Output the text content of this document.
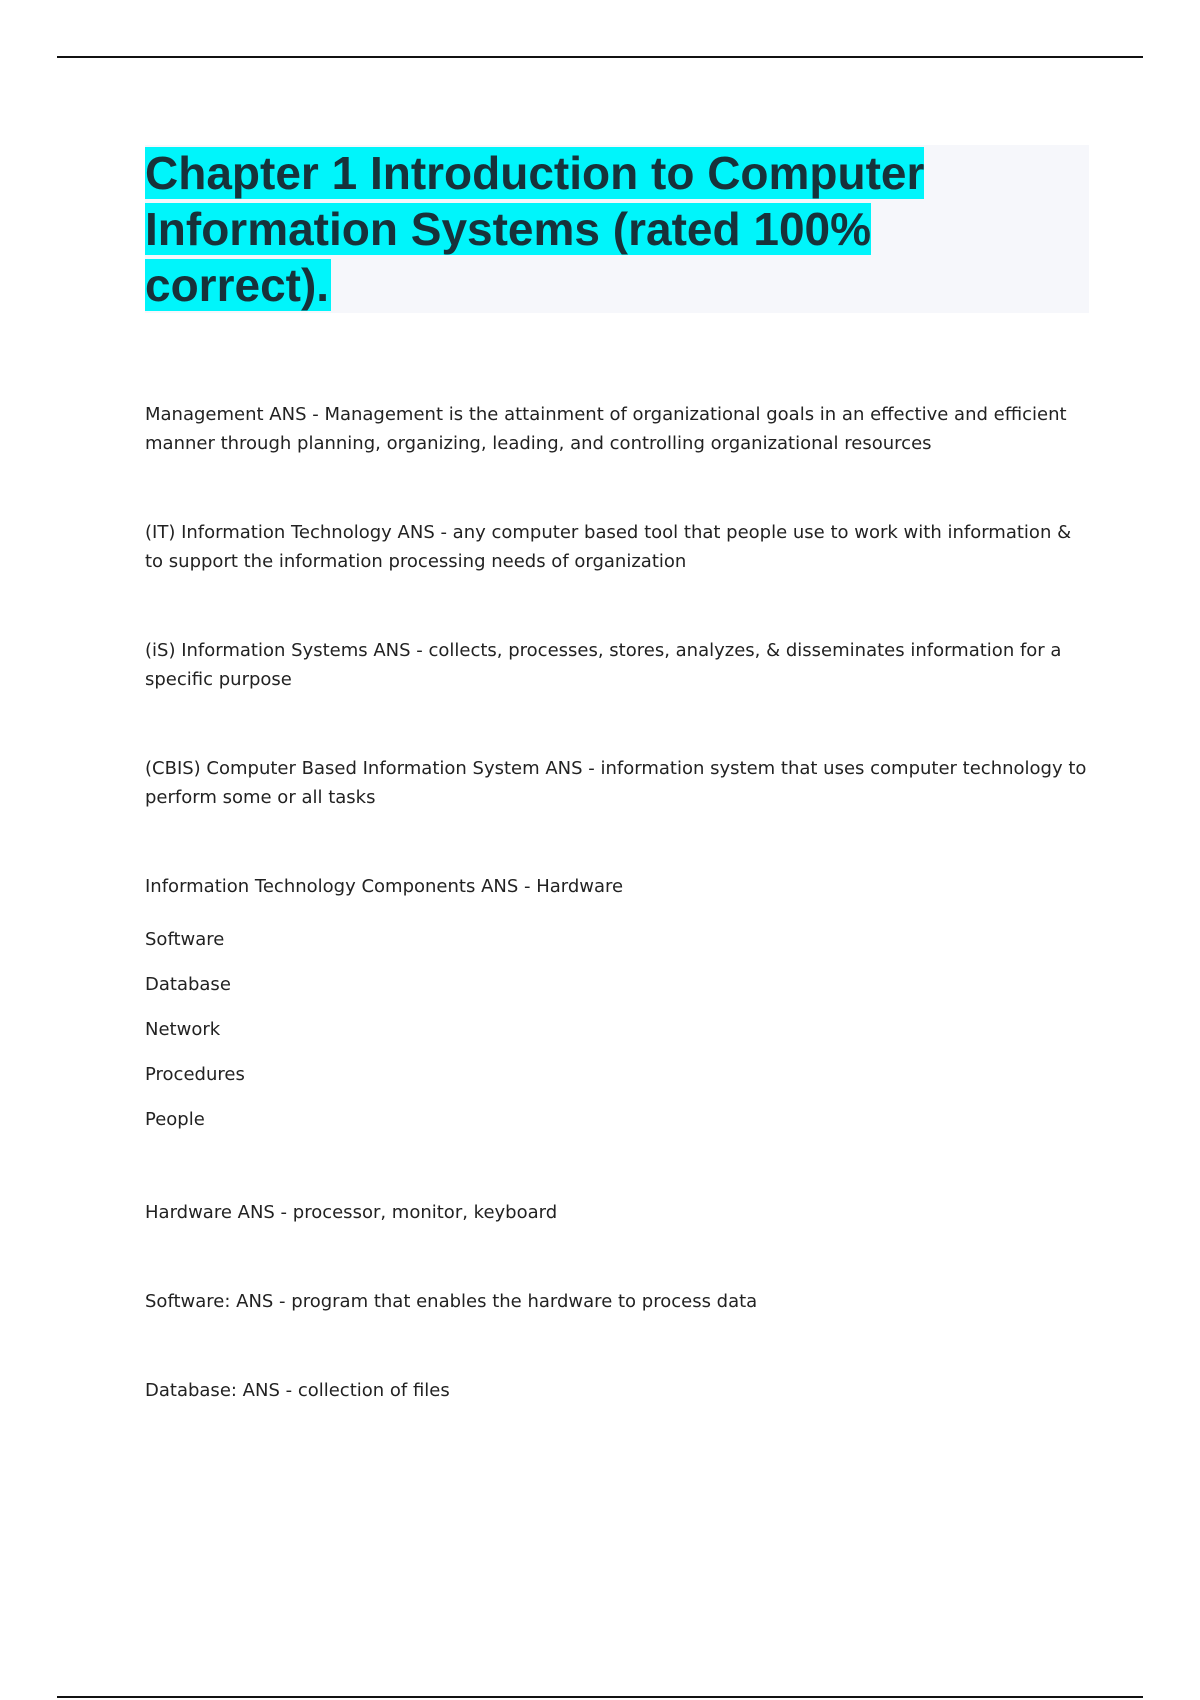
Chapter 1 Introduction to Computer Information Systems (rated 100% correct).

Management ANS - Management is the attainment of organizational goals in an effective and efficient manner through planning, organizing, leading, and controlling organizational resources

(IT) Information Technology ANS - any computer based tool that people use to work with information & to support the information processing needs of organization

(iS) Information Systems ANS - collects, processes, stores, analyzes, & disseminates information for a specific purpose

(CBIS) Computer Based Information System ANS - information system that uses computer technology to perform some or all tasks

Information Technology Components ANS - Hardware

Software

Database

Network

Procedures

People

Hardware ANS - processor, monitor, keyboard

Software: ANS - program that enables the hardware to process data

Database: ANS - collection of files
